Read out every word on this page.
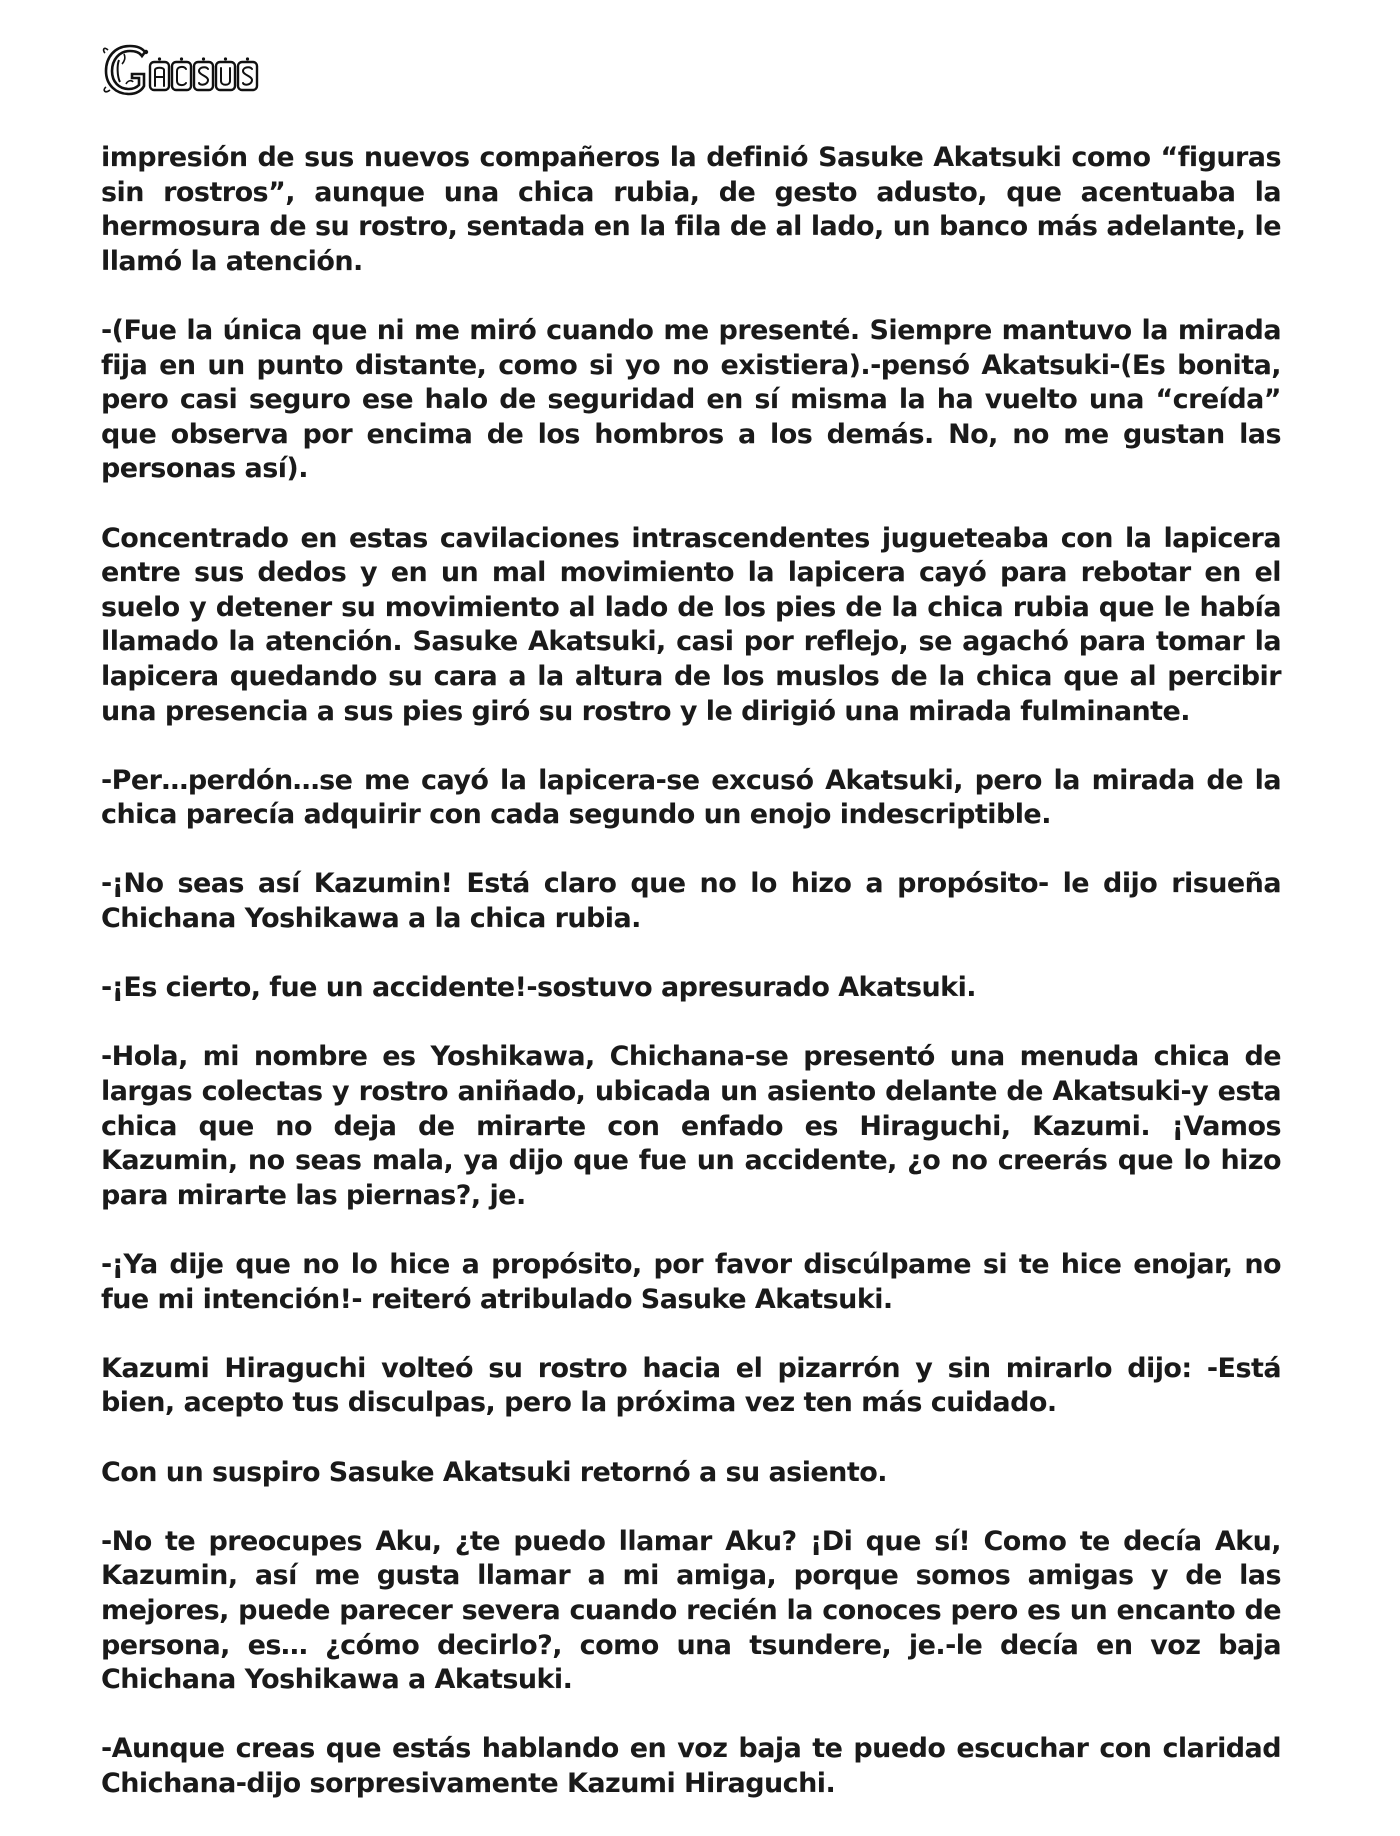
impresión de sus nuevos compañeros la definió Sasuke Akatsuki como “figuras sin rostros”, aunque una chica rubia, de gesto adusto, que acentuaba la hermosura de su rostro, sentada en la fila de al lado, un banco más adelante, le llamó la atención.

-(Fue la única que ni me miró cuando me presenté. Siempre mantuvo la mirada fija en un punto distante, como si yo no existiera).-pensó Akatsuki-(Es bonita, pero casi seguro ese halo de seguridad en sí misma la ha vuelto una “creída” que observa por encima de los hombros a los demás. No, no me gustan las personas así).

Concentrado en estas cavilaciones intrascendentes jugueteaba con la lapicera entre sus dedos y en un mal movimiento la lapicera cayó para rebotar en el suelo y detener su movimiento al lado de los pies de la chica rubia que le había llamado la atención. Sasuke Akatsuki, casi por reflejo, se agachó para tomar la lapicera quedando su cara a la altura de los muslos de la chica que al percibir una presencia a sus pies giró su rostro y le dirigió una mirada fulminante.

-Per…perdón…se me cayó la lapicera-se excusó Akatsuki, pero la mirada de la chica parecía adquirir con cada segundo un enojo indescriptible.

-¡No seas así Kazumin! Está claro que no lo hizo a propósito- le dijo risueña Chichana Yoshikawa a la chica rubia.

-¡Es cierto, fue un accidente!-sostuvo apresurado Akatsuki.

-Hola, mi nombre es Yoshikawa, Chichana-se presentó una menuda chica de largas colectas y rostro aniñado, ubicada un asiento delante de Akatsuki-y esta chica que no deja de mirarte con enfado es Hiraguchi, Kazumi. ¡Vamos Kazumin, no seas mala, ya dijo que fue un accidente, ¿o no creerás que lo hizo para mirarte las piernas?, je.

-¡Ya dije que no lo hice a propósito, por favor discúlpame si te hice enojar, no fue mi intención!- reiteró atribulado Sasuke Akatsuki.

Kazumi Hiraguchi volteó su rostro hacia el pizarrón y sin mirarlo dijo: -Está bien, acepto tus disculpas, pero la próxima vez ten más cuidado.

Con un suspiro Sasuke Akatsuki retornó a su asiento.

-No te preocupes Aku, ¿te puedo llamar Aku? ¡Di que sí! Como te decía Aku, Kazumin, así me gusta llamar a mi amiga, porque somos amigas y de las mejores, puede parecer severa cuando recién la conoces pero es un encanto de persona, es… ¿cómo decirlo?, como una tsundere, je.-le decía en voz baja Chichana Yoshikawa a Akatsuki.

-Aunque creas que estás hablando en voz baja te puedo escuchar con claridad Chichana-dijo sorpresivamente Kazumi Hiraguchi.
